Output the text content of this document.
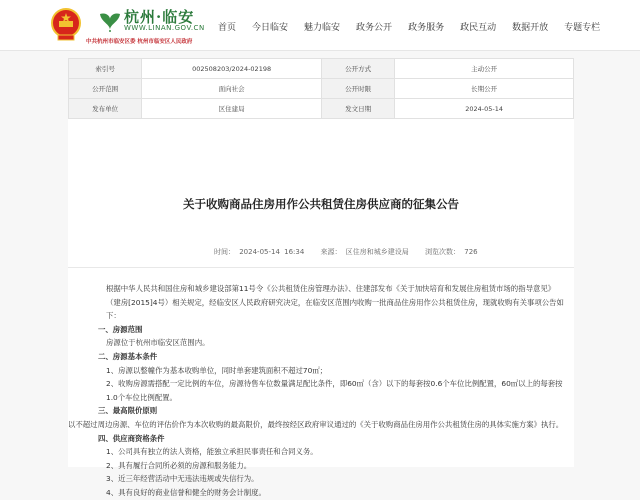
杭州·临安
WWW.LINAN.GOV.CN
中共杭州市临安区委 杭州市临安区人民政府
首页 今日临安 魅力临安 政务公开 政务服务 政民互动 数据开放 专题专栏
索引号	002508203/2024-02198	公开方式	主动公开
公开范围	面向社会	公开时限	长期公开
发布单位	区住建局	发文日期	2024-05-14
关于收购商品住房用作公共租赁住房供应商的征集公告
时间： 2024-05-14 16:34 来源： 区住房和城乡建设局 浏览次数： 726

根据中华人民共和国住房和城乡建设部第11号令《公共租赁住房管理办法》、住建部发布《关于加快培育和发展住房租赁市场的指导意见》（建房[2015]4号）相关规定，经临安区人民政府研究决定，在临安区范围内收购一批商品住房用作公共租赁住房，现就收购有关事项公告如下：

一、房源范围

房源位于杭州市临安区范围内。

二、房源基本条件

1、房源以整幢作为基本收购单位，同时单套建筑面积不超过70㎡；

2、收购房源需搭配一定比例的车位，房源待售车位数量满足配比条件，即60㎡（含）以下的每套按0.6个车位比例配置，60㎡以上的每套按1.0个车位比例配置。

三、最高限价原则

以不超过周边房源、车位的评估价作为本次收购的最高限价，最终按经区政府审议通过的《关于收购商品住房用作公共租赁住房的具体实施方案》执行。

四、供应商资格条件

1、公司具有独立的法人资格，能独立承担民事责任和合同义务。

2、具有履行合同所必须的房源和服务能力。

3、近三年经营活动中无违法违规或失信行为。

4、具有良好的商业信誉和健全的财务会计制度。
